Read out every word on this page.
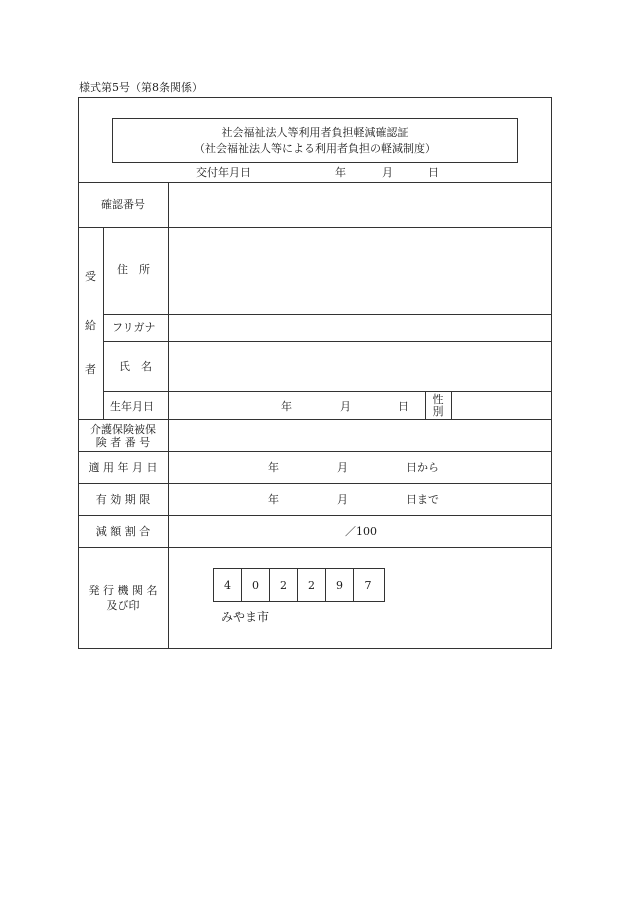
様式第5号（第8条関係）
社会福祉法人等利用者負担軽減確認証
（社会福祉法人等による利用者負担の軽減制度）
交付年月日	年	月	日
確認番号
受
給
者
住　所
フリガナ
氏　名
生年月日	年	月	日
性
別
介護保険被保
険 者 番 号
適 用 年 月 日	年	月	日から
有 効 期 限	年	月	日まで
減 額 割 合	／100
発 行 機 関 名
及び印
4	0	2	2	9	7
みやま市
